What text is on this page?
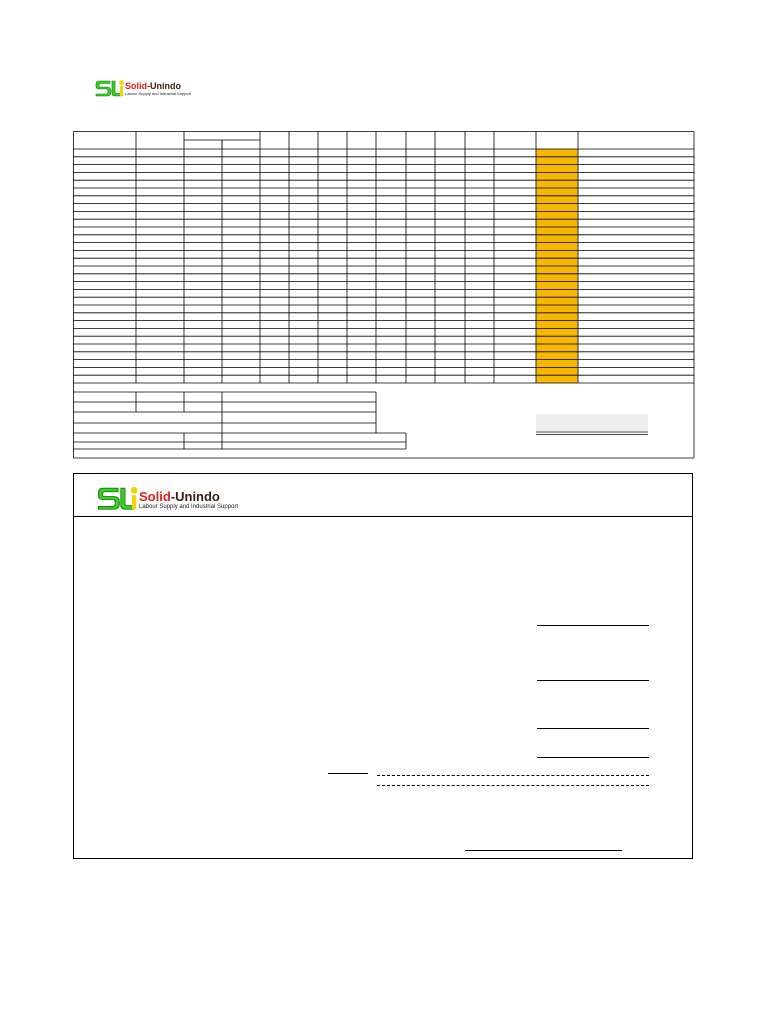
Solid-Unindo
Labour Supply and Industrial Support
Solid-Unindo
Labour Supply and Industrial Support
